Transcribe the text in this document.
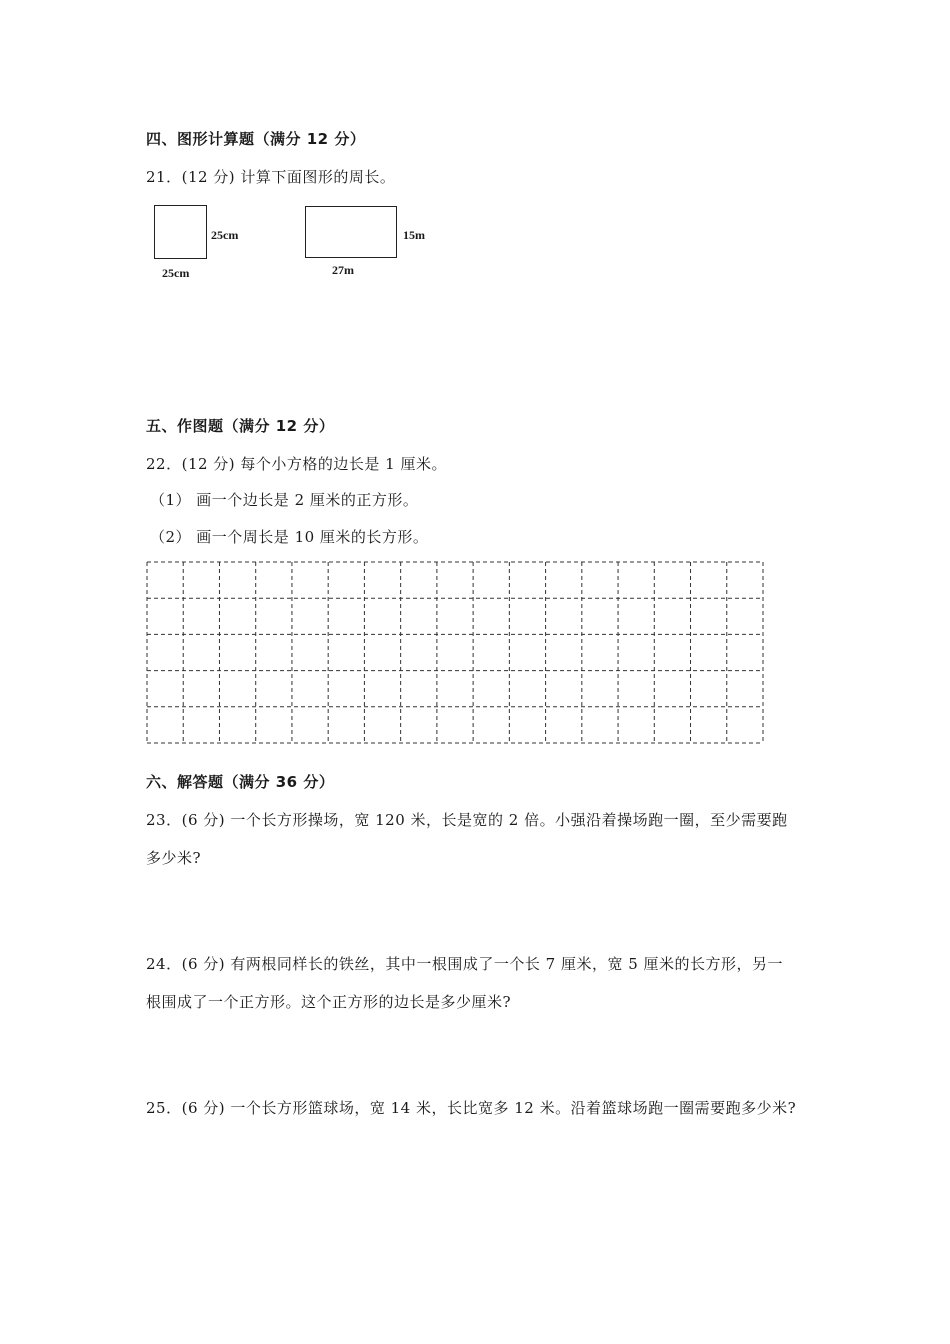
四、图形计算题（满分 12 分）
21．(12 分) 计算下面图形的周长。
25cm
25cm
15m
27m
五、作图题（满分 12 分）
22．(12 分) 每个小方格的边长是 1 厘米。
（1） 画一个边长是 2 厘米的正方形。
（2） 画一个周长是 10 厘米的长方形。
六、解答题（满分 36 分）
23．(6 分) 一个长方形操场，宽 120 米，长是宽的 2 倍。小强沿着操场跑一圈，至少需要跑
多少米?
24．(6 分) 有两根同样长的铁丝，其中一根围成了一个长 7 厘米，宽 5 厘米的长方形，另一
根围成了一个正方形。这个正方形的边长是多少厘米?
25．(6 分) 一个长方形篮球场，宽 14 米，长比宽多 12 米。沿着篮球场跑一圈需要跑多少米?
